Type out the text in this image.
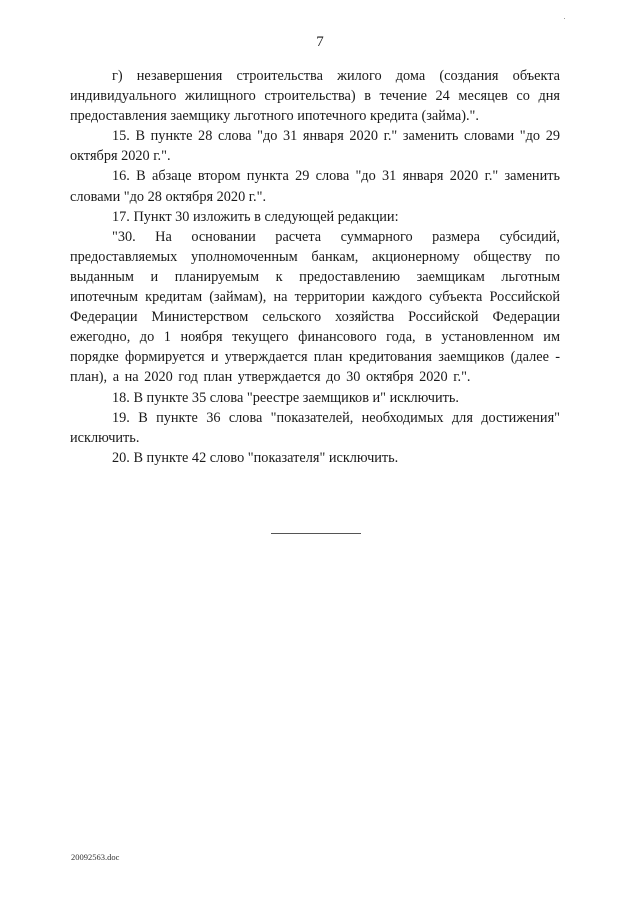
7

г) незавершения строительства жилого дома (создания объекта индивидуального жилищного строительства) в течение 24 месяцев со дня предоставления заемщику льготного ипотечного кредита (займа).".

15. В пункте 28 слова "до 31 января 2020 г." заменить словами "до 29 октября 2020 г.".

16. В абзаце втором пункта 29 слова "до 31 января 2020 г." заменить словами "до 28 октября 2020 г.".

17. Пункт 30 изложить в следующей редакции:

"30. На основании расчета суммарного размера субсидий, предоставляемых уполномоченным банкам, акционерному обществу по выданным и планируемым к предоставлению заемщикам льготным ипотечным кредитам (займам), на территории каждого субъекта Российской Федерации Министерством сельского хозяйства Российской Федерации ежегодно, до 1 ноября текущего финансового года, в установленном им порядке формируется и утверждается план кредитования заемщиков (далее - план), а на 2020 год план утверждается до 30 октября 2020 г.".

18. В пункте 35 слова "реестре заемщиков и" исключить.

19. В пункте 36 слова "показателей, необходимых для достижения" исключить.

20. В пункте 42 слово "показателя" исключить.

20092563.doc
